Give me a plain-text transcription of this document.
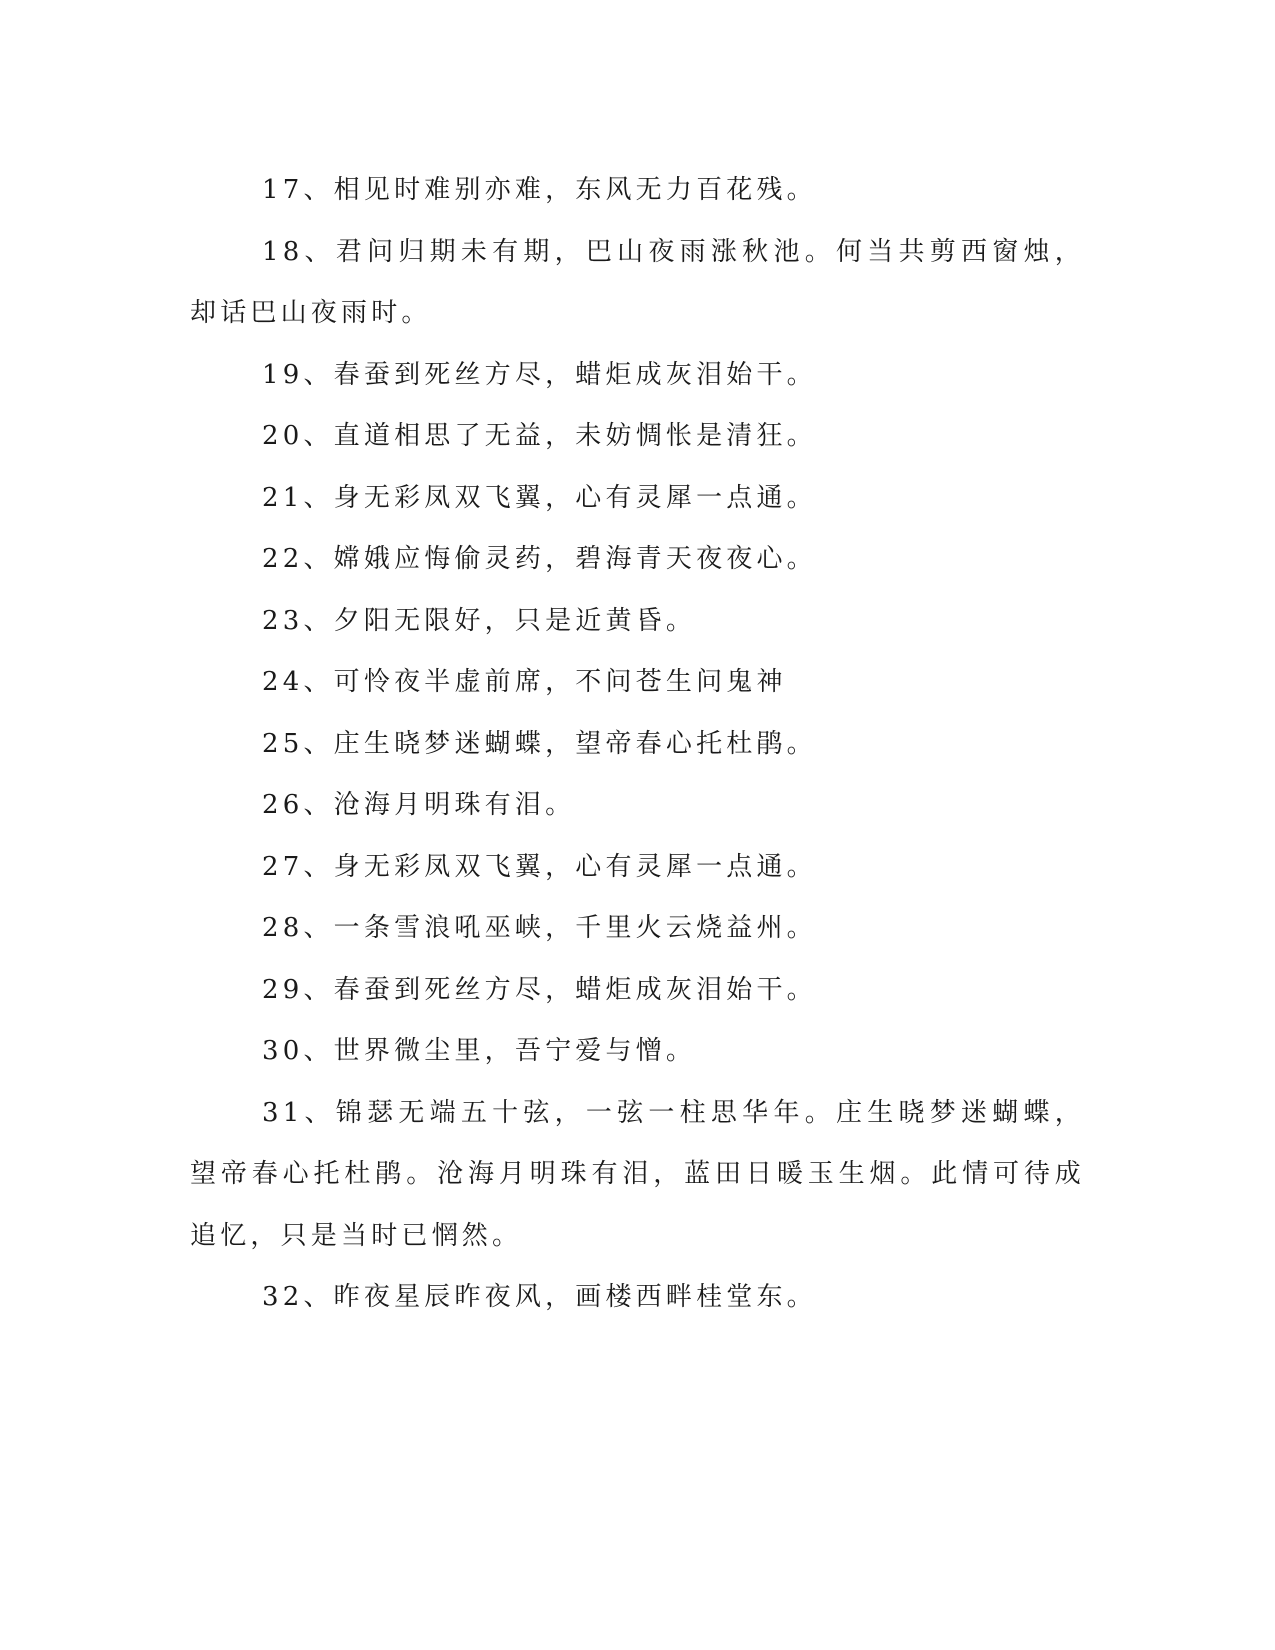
17、相见时难别亦难，东风无力百花残。

18、君问归期未有期，巴山夜雨涨秋池。何当共剪西窗烛，却话巴山夜雨时。

19、春蚕到死丝方尽，蜡炬成灰泪始干。

20、直道相思了无益，未妨惆怅是清狂。

21、身无彩凤双飞翼，心有灵犀一点通。

22、嫦娥应悔偷灵药，碧海青天夜夜心。

23、夕阳无限好，只是近黄昏。

24、可怜夜半虚前席，不问苍生问鬼神

25、庄生晓梦迷蝴蝶，望帝春心托杜鹃。

26、沧海月明珠有泪。

27、身无彩凤双飞翼，心有灵犀一点通。

28、一条雪浪吼巫峡，千里火云烧益州。

29、春蚕到死丝方尽，蜡炬成灰泪始干。

30、世界微尘里，吾宁爱与憎。

31、锦瑟无端五十弦，一弦一柱思华年。庄生晓梦迷蝴蝶，望帝春心托杜鹃。沧海月明珠有泪，蓝田日暖玉生烟。此情可待成追忆，只是当时已惘然。

32、昨夜星辰昨夜风，画楼西畔桂堂东。
